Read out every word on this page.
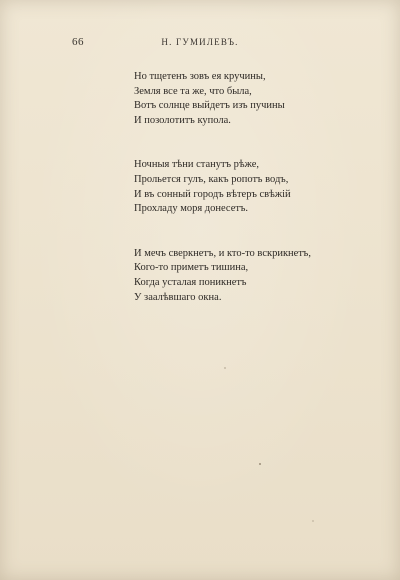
66	Н. ГУМИЛЕВЪ.
Но тщетенъ зовъ ея кручины,
Земля все та же, что была,
Вотъ солнце выйдетъ изъ пучины
И позолотитъ купола.
Ночныя тѣни станутъ рѣже,
Прольется гулъ, какъ ропотъ водъ,
И въ сонный городъ вѣтеръ свѣжій
Прохладу моря донесетъ.
И мечъ сверкнетъ, и кто-то вскрикнетъ,
Кого-то приметъ тишина,
Когда усталая поникнетъ
У заалѣвшаго окна.
